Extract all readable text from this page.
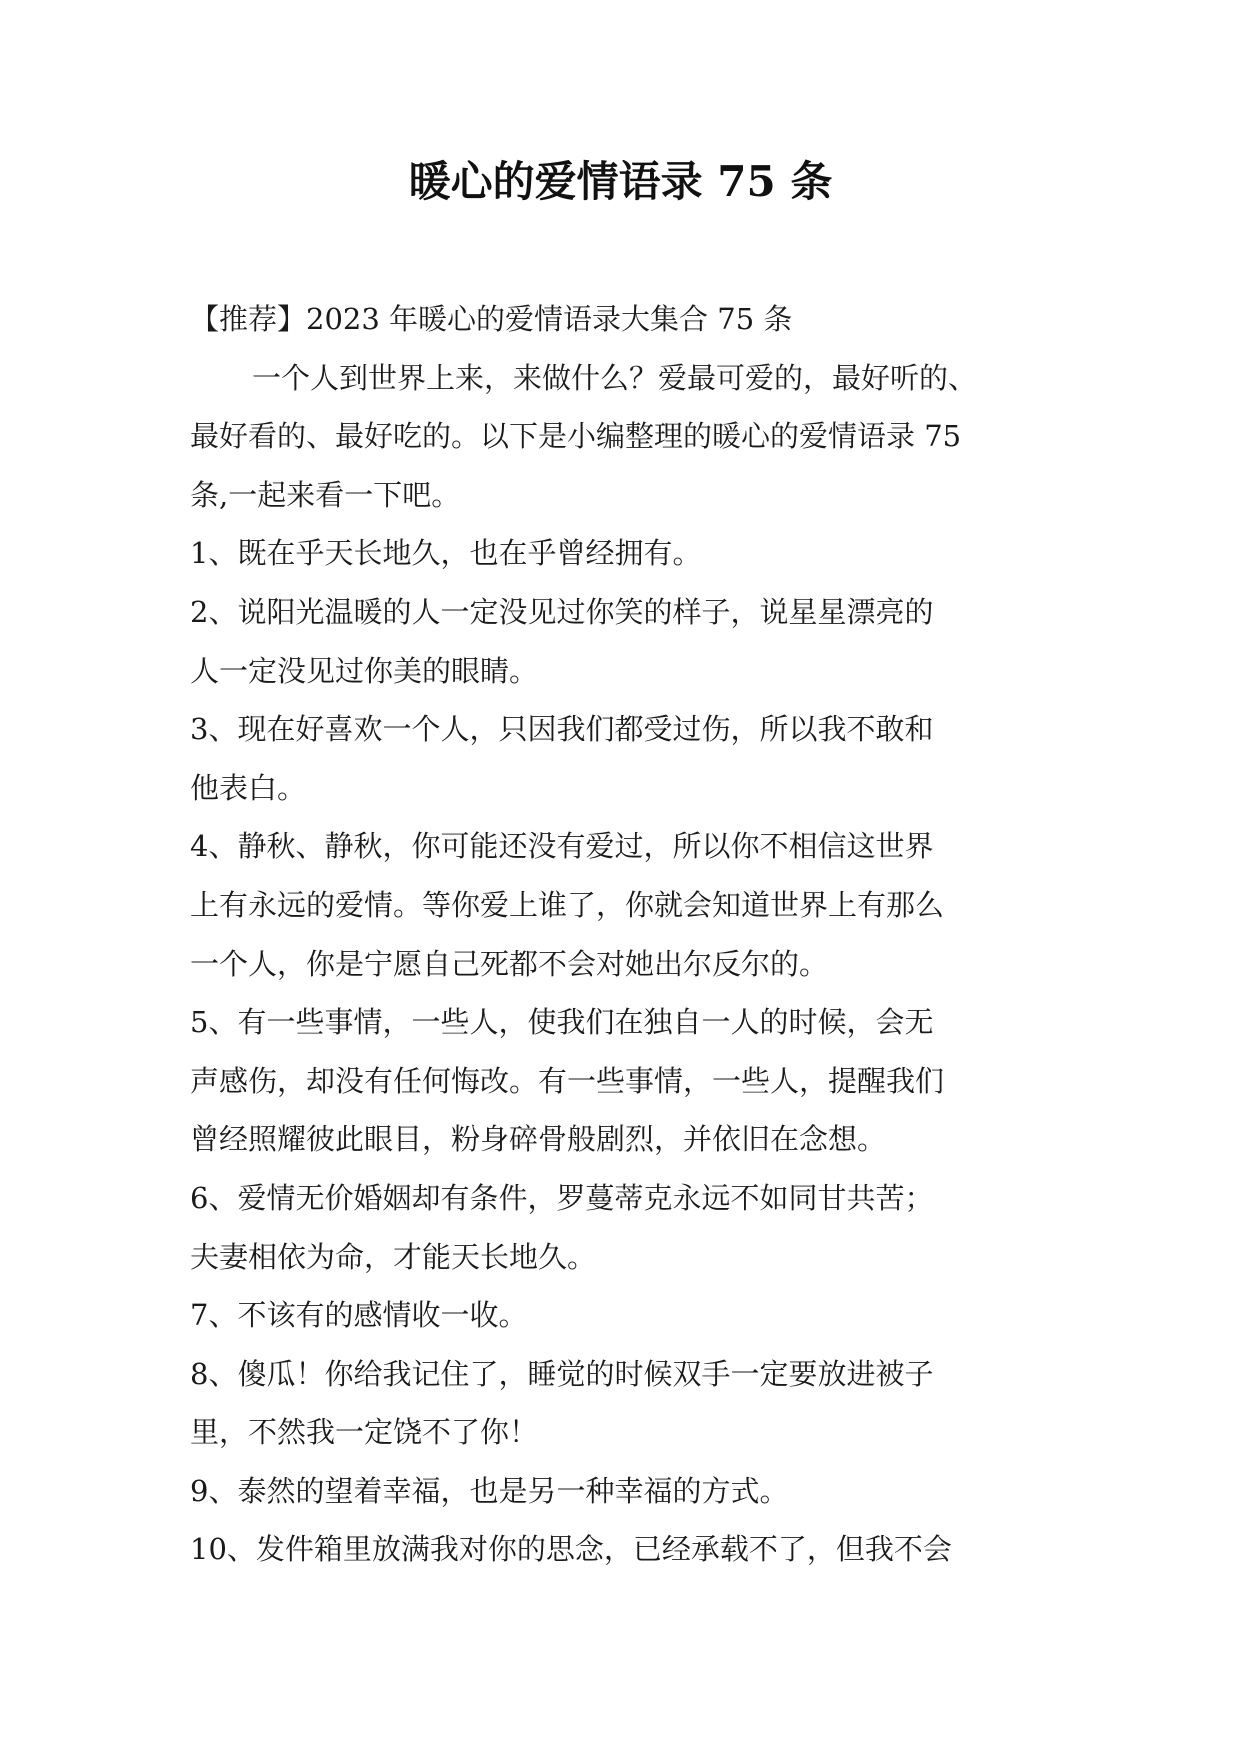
暖心的爱情语录 75 条
【推荐】2023 年暖心的爱情语录大集合 75 条
一个人到世界上来，来做什么？爱最可爱的，最好听的、
最好看的、最好吃的。以下是小编整理的暖心的爱情语录 75
条,一起来看一下吧。
1、既在乎天长地久，也在乎曾经拥有。
2、说阳光温暖的人一定没见过你笑的样子，说星星漂亮的
人一定没见过你美的眼睛。
3、现在好喜欢一个人，只因我们都受过伤，所以我不敢和
他表白。
4、静秋、静秋，你可能还没有爱过，所以你不相信这世界
上有永远的爱情。等你爱上谁了，你就会知道世界上有那么
一个人，你是宁愿自己死都不会对她出尔反尔的。
5、有一些事情，一些人，使我们在独自一人的时候，会无
声感伤，却没有任何悔改。有一些事情，一些人，提醒我们
曾经照耀彼此眼目，粉身碎骨般剧烈，并依旧在念想。
6、爱情无价婚姻却有条件，罗蔓蒂克永远不如同甘共苦；
夫妻相依为命，才能天长地久。
7、不该有的感情收一收。
8、傻瓜！你给我记住了，睡觉的时候双手一定要放进被子
里，不然我一定饶不了你！
9、泰然的望着幸福，也是另一种幸福的方式。
10、发件箱里放满我对你的思念，已经承载不了，但我不会
